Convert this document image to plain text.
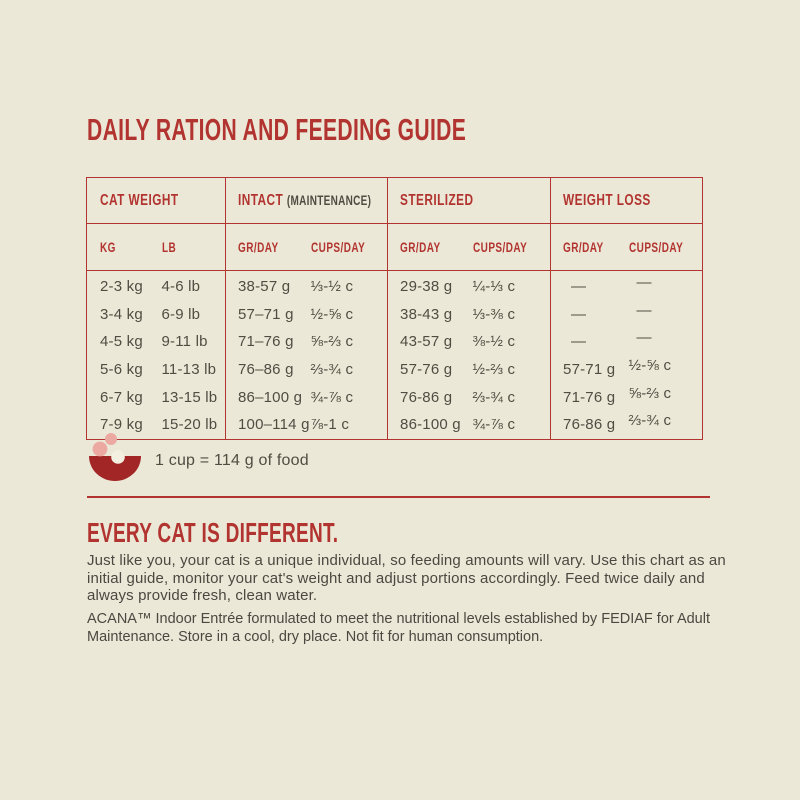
DAILY RATION AND FEEDING GUIDE
CAT WEIGHT		INTACT (MAINTENANCE)		STERILIZED		WEIGHT LOSS	
KG	LB	GR/DAY	CUPS/DAY	GR/DAY	CUPS/DAY	GR/DAY	CUPS/DAY
2-3 kg	4-6 lb	38-57 g	⅓-½ c	29-38 g	¼-⅓ c	—	—
3-4 kg	6-9 lb	57–71 g	½-⅝ c	38-43 g	⅓-⅜ c	—	—
4-5 kg	9-11 lb	71–76 g	⅝-⅔ c	43-57 g	⅜-½ c	—	—
5-6 kg	11-13 lb	76–86 g	⅔-¾ c	57-76 g	½-⅔ c	57-71 g	½-⅝ c
6-7 kg	13-15 lb	86–100 g	¾-⅞ c	76-86 g	⅔-¾ c	71-76 g	⅝-⅔ c
7-9 kg	15-20 lb	100–114 g	⅞-1 c	86-100 g	¾-⅞ c	76-86 g	⅔-¾ c
1 cup = 114 g of food
EVERY CAT IS DIFFERENT.

Just like you, your cat is a unique individual, so feeding amounts will vary. Use this chart as an initial guide, monitor your cat's weight and adjust portions accordingly. Feed twice daily and always provide fresh, clean water.

ACANA™ Indoor Entrée formulated to meet the nutritional levels established by FEDIAF for Adult Maintenance. Store in a cool, dry place. Not fit for human consumption.
